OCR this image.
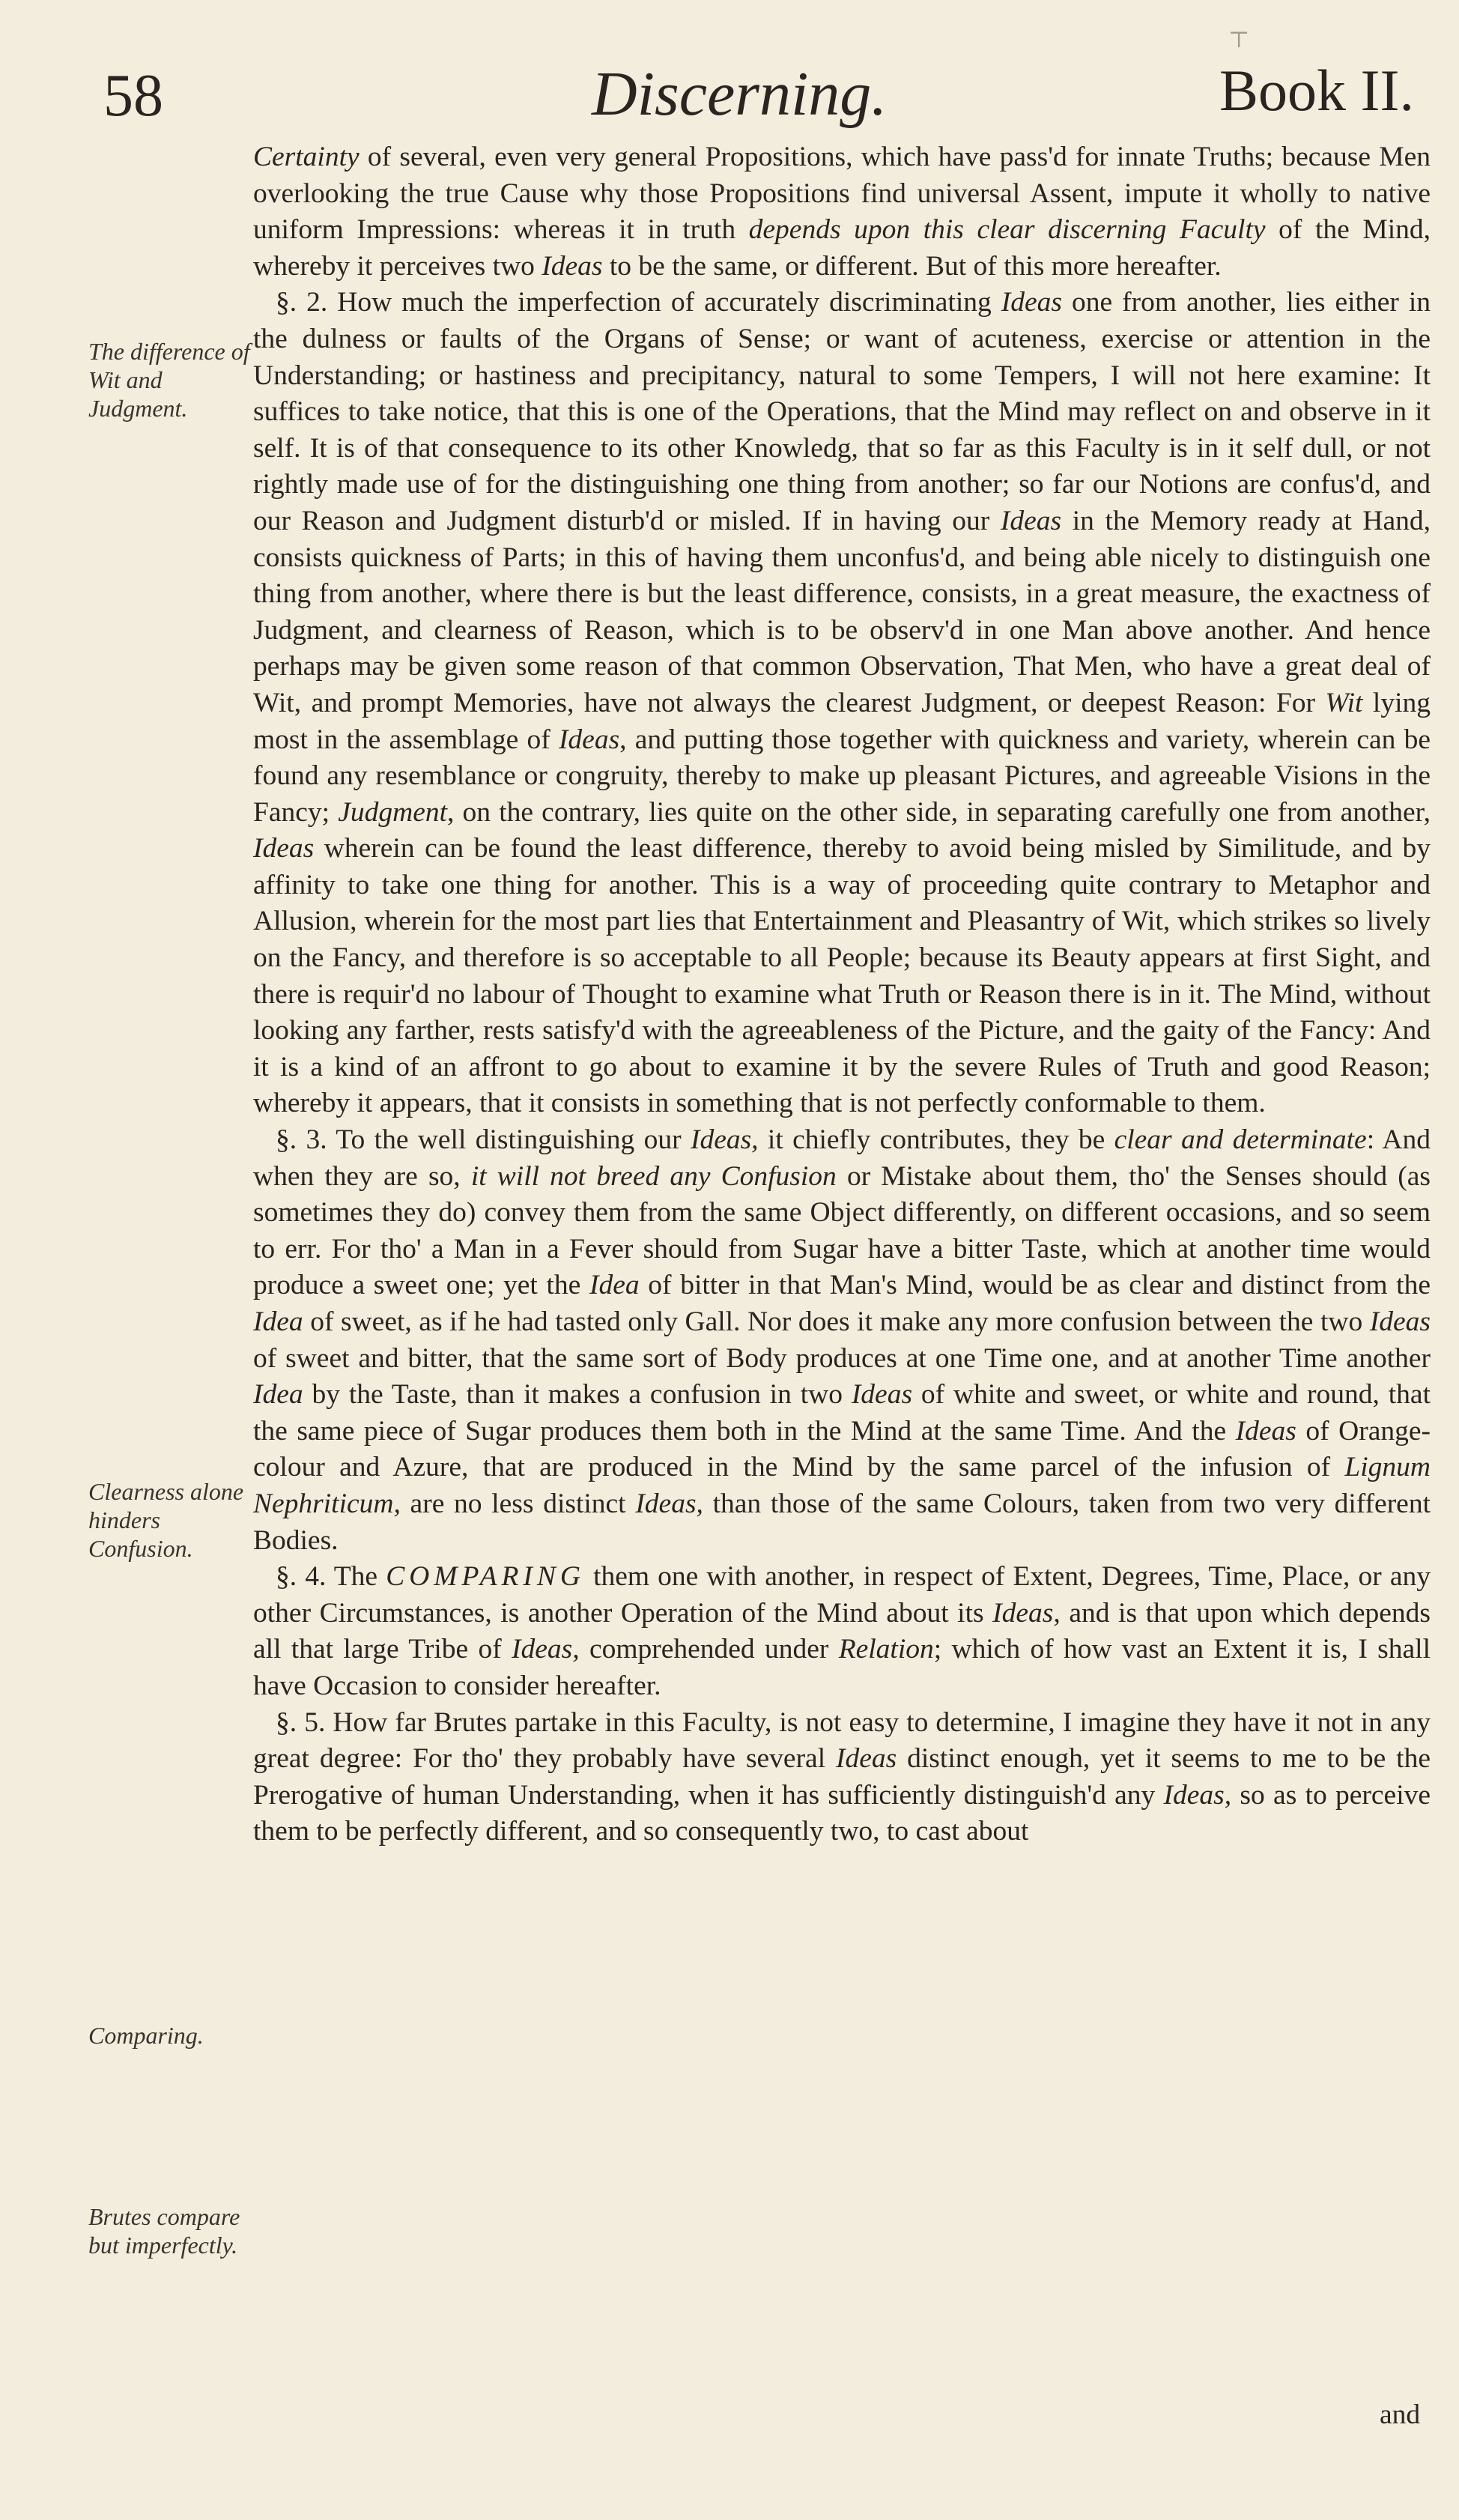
⊤
58	Discerning.	Book II.
The difference of Wit and Judgment.
Clearness alone hinders Confusion.
Comparing.
Brutes compare but imperfectly.

Certainty of several, even very general Propositions, which have pass'd for innate Truths; because Men overlooking the true Cause why those Propositions find universal Assent, impute it wholly to native uniform Impressions: whereas it in truth depends upon this clear discerning Faculty of the Mind, whereby it perceives two Ideas to be the same, or different. But of this more hereafter.

§. 2. How much the imperfection of accurately discriminating Ideas one from another, lies either in the dulness or faults of the Organs of Sense; or want of acuteness, exercise or attention in the Understanding; or hastiness and precipitancy, natural to some Tempers, I will not here examine: It suffices to take notice, that this is one of the Operations, that the Mind may reflect on and observe in it self. It is of that consequence to its other Knowledg, that so far as this Faculty is in it self dull, or not rightly made use of for the distinguishing one thing from another; so far our Notions are confus'd, and our Reason and Judgment disturb'd or misled. If in having our Ideas in the Memory ready at Hand, consists quickness of Parts; in this of having them unconfus'd, and being able nicely to distinguish one thing from another, where there is but the least difference, consists, in a great measure, the exactness of Judgment, and clearness of Reason, which is to be observ'd in one Man above another. And hence perhaps may be given some reason of that common Observation, That Men, who have a great deal of Wit, and prompt Memories, have not always the clearest Judgment, or deepest Reason: For Wit lying most in the assemblage of Ideas, and putting those together with quickness and variety, wherein can be found any resemblance or congruity, thereby to make up pleasant Pictures, and agreeable Visions in the Fancy; Judgment, on the contrary, lies quite on the other side, in separating carefully one from another, Ideas wherein can be found the least difference, thereby to avoid being misled by Similitude, and by affinity to take one thing for another. This is a way of proceeding quite contrary to Metaphor and Allusion, wherein for the most part lies that Entertainment and Pleasantry of Wit, which strikes so lively on the Fancy, and therefore is so acceptable to all People; because its Beauty appears at first Sight, and there is requir'd no labour of Thought to examine what Truth or Reason there is in it. The Mind, without looking any farther, rests satisfy'd with the agreeableness of the Picture, and the gaity of the Fancy: And it is a kind of an affront to go about to examine it by the severe Rules of Truth and good Reason; whereby it appears, that it consists in something that is not perfectly conformable to them.

§. 3. To the well distinguishing our Ideas, it chiefly contributes, they be clear and determinate: And when they are so, it will not breed any Confusion or Mistake about them, tho' the Senses should (as sometimes they do) convey them from the same Object differently, on different occasions, and so seem to err. For tho' a Man in a Fever should from Sugar have a bitter Taste, which at another time would produce a sweet one; yet the Idea of bitter in that Man's Mind, would be as clear and distinct from the Idea of sweet, as if he had tasted only Gall. Nor does it make any more confusion between the two Ideas of sweet and bitter, that the same sort of Body produces at one Time one, and at another Time another Idea by the Taste, than it makes a confusion in two Ideas of white and sweet, or white and round, that the same piece of Sugar produces them both in the Mind at the same Time. And the Ideas of Orange-colour and Azure, that are produced in the Mind by the same parcel of the infusion of Lignum Nephriticum, are no less distinct Ideas, than those of the same Colours, taken from two very different Bodies.

§. 4. The COMPARING them one with another, in respect of Extent, Degrees, Time, Place, or any other Circumstances, is another Operation of the Mind about its Ideas, and is that upon which depends all that large Tribe of Ideas, comprehended under Relation; which of how vast an Extent it is, I shall have Occasion to consider hereafter.

§. 5. How far Brutes partake in this Faculty, is not easy to determine, I imagine they have it not in any great degree: For tho' they probably have several Ideas distinct enough, yet it seems to me to be the Prerogative of human Understanding, when it has sufficiently distinguish'd any Ideas, so as to perceive them to be perfectly different, and so consequently two, to cast about

and
